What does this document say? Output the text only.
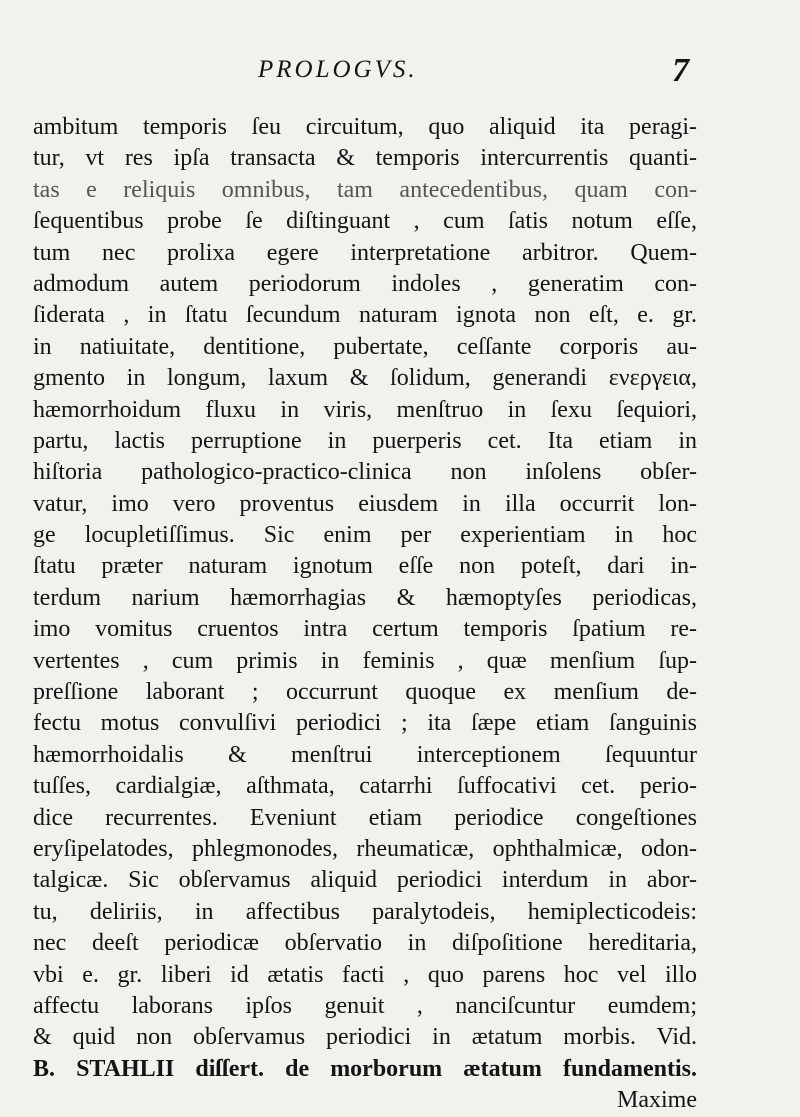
PROLOGVS.	7
ambitum temporis ſeu circuitum, quo aliquid ita peragi-
tur, vt res ipſa transacta & temporis intercurrentis quanti-
tas e reliquis omnibus, tam antecedentibus, quam con-
ſequentibus probe ſe diſtinguant , cum ſatis notum eſſe,
tum nec prolixa egere interpretatione arbitror. Quem-
admodum autem periodorum indoles , generatim con-
ſiderata , in ſtatu ſecundum naturam ignota non eſt, e. gr.
in natiuitate, dentitione, pubertate, ceſſante corporis au-
gmento in longum, laxum & ſolidum, generandi ενεργεια,
hæmorrhoidum fluxu in viris, menſtruo in ſexu ſequiori,
partu, lactis perruptione in puerperis cet. Ita etiam in
hiſtoria pathologico-practico-clinica non inſolens obſer-
vatur, imo vero proventus eiusdem in illa occurrit lon-
ge locupletiſſimus. Sic enim per experientiam in hoc
ſtatu præter naturam ignotum eſſe non poteſt, dari in-
terdum narium hæmorrhagias & hæmoptyſes periodicas,
imo vomitus cruentos intra certum temporis ſpatium re-
vertentes , cum primis in feminis , quæ menſium ſup-
preſſione laborant ; occurrunt quoque ex menſium de-
fectu motus convulſivi periodici ; ita ſæpe etiam ſanguinis
hæmorrhoidalis & menſtrui interceptionem ſequuntur
tuſſes, cardialgiæ, aſthmata, catarrhi ſuffocativi cet. perio-
dice recurrentes. Eveniunt etiam periodice congeſtiones
eryſipelatodes, phlegmonodes, rheumaticæ, ophthalmicæ, odon-
talgicæ. Sic obſervamus aliquid periodici interdum in abor-
tu, deliriis, in affectibus paralytodeis, hemiplecticodeis:
nec deeſt periodicæ obſervatio in diſpoſitione hereditaria,
vbi e. gr. liberi id ætatis facti , quo parens hoc vel illo
affectu laborans ipſos genuit , nanciſcuntur eumdem;
& quid non obſervamus periodici in ætatum morbis. Vid.
B. STAHLII diſſert. de morborum ætatum fundamentis.
Maxime
